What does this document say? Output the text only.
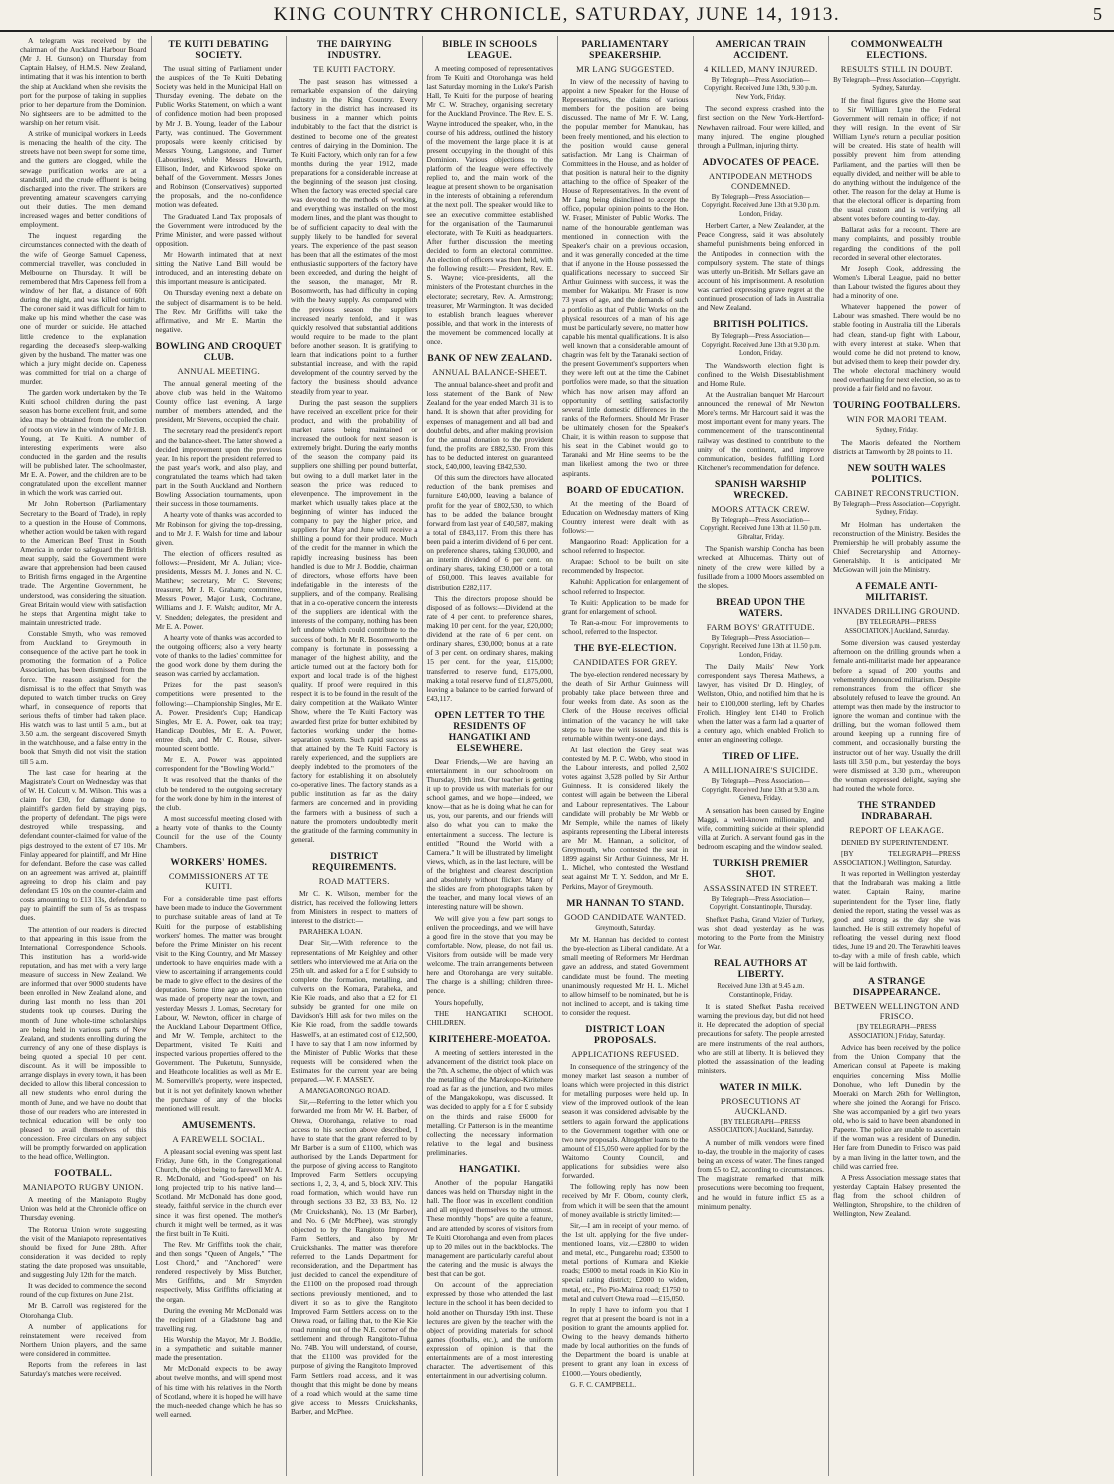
KING COUNTRY CHRONICLE, SATURDAY, JUNE 14, 1913.	5

A telegram was received by the chairman of the Auckland Harbour Board (Mr J. H. Gunson) on Thursday from Captain Halsey, of H.M.S. New Zealand, intimating that it was his intention to berth the ship at Auckland when she revisits the port for the purpose of taking in supplies prior to her departure from the Dominion. No sightseers are to be admitted to the warship on her return visit.

A strike of municipal workers in Leeds is menacing the health of the city. The streets have not been swept for some time, and the gutters are clogged, while the sewage purification works are at a standstill, and the crude effluent is being discharged into the river. The strikers are preventing amateur scavengers carrying out their duties. The men demand increased wages and better conditions of employment.

The inquest regarding the circumstances connected with the death of the wife of George Samuel Capeness, commercial traveller, was concluded in Melbourne on Thursday. It will be remembered that Mrs Capeness fell from a window of her flat, a distance of 60ft during the night, and was killed outright. The coroner said it was difficult for him to make up his mind whether the case was one of murder or suicide. He attached little credence to the explanation regarding the deceased's sleep-walking given by the husband. The matter was one which a jury might decide on. Capeness was committed for trial on a charge of murder.

The garden work undertaken by the Te Kuiti school children during the past season has borne excellent fruit, and some idea may be obtained from the collection of roots on view in the window of Mr J. B. Young, at Te Kuiti. A number of interesting experiments were also conducted in the garden and the results will be published later. The schoolmaster, Mr E. A. Power, and the children are to be congratulated upon the excellent manner in which the work was carried out.

Mr John Robertson (Parliamentary Secretary to the Board of Trade), in reply to a question in the House of Commons, whether action would be taken with regard to the American Beef Trust in South America in order to safeguard the British meat supply, said the Government were aware that apprehension had been caused to British firms engaged in the Argentine trade. The Argentine Government, he understood, was considering the situation. Great Britain would view with satisfaction he steps that Argentina might take to maintain unrestricted trade.

Constable Smyth, who was removed from Auckland to Greymouth in consequence of the active part he took in promoting the formation of a Police Association, has been dismissed from the force. The reason assigned for the dismissal is to the effect that Smyth was deputed to watch timber trucks on Grey wharf, in consequence of reports that serious thefts of timber had taken place. His watch was to last until 5 a.m., but at 3.50 a.m. the sergeant discovered Smyth in the watchhouse, and a false entry in the book that Smyth did not visit the station till 5 a.m.

The last case for hearing at the Magistrate's Court on Wednesday was that of W. H. Colcutt v. M. Wilson. This was a claim for £30, for damage done to plaintiff's garden field by straying pigs, the property of defendant. The pigs were destroyed while trespassing, and defendant counter-claimed for value of the pigs destroyed to the extent of £7 10s. Mr Finlay appeared for plaintiff, and Mr Hine for defendant. Before the case was called on an agreement was arrived at, plaintiff agreeing to drop his claim and pay defendant £5 10s on the counter-claim and costs amounting to £13 13s, defendant to pay to plaintiff the sum of 5s as trespass dues.

The attention of our readers is directed to that appearing in this issue from the International Correspondence Schools. This institution has a world-wide reputation, and has met with a very large measure of success in New Zealand. We are informed that over 9000 students have been enrolled in New Zealand alone, and during last month no less than 201 students took up courses. During the month of June whole-time scholarships are being held in various parts of New Zealand, and students enrolling during the currency of any one of these displays is being quoted a special 10 per cent. discount. As it will be impossible to arrange displays in every town, it has been decided to allow this liberal concession to all new students who enrol during the month of June, and we have no doubt that those of our readers who are interested in technical education will be only too pleased to avail themselves of this concession. Free circulars on any subject will be promptly forwarded on application to the head office, Wellington.

FOOTBALL.
MANIAPOTO RUGBY UNION.

A meeting of the Maniapoto Rugby Union was held at the Chronicle office on Thursday evening.

The Rotorua Union wrote suggesting the visit of the Maniapoto representatives should be fixed for June 28th. After consideration it was decided to reply stating the date proposed was unsuitable, and suggesting July 12th for the match.

It was decided to commence the second round of the cup fixtures on June 21st.

Mr B. Carroll was registered for the Otorohanga Club.

A number of applications for reinstatement were received from Northern Union players, and the same were considered in committee.

Reports from the referees in last Saturday's matches were received.

TE KUITI DEBATING SOCIETY.

The usual sitting of Parliament under the auspices of the Te Kuiti Debating Society was held in the Municipal Hall on Thursday evening. The debate on the Public Works Statement, on which a want of confidence motion had been proposed by Mr J. B. Young, leader of the Labour Party, was continued. The Government proposals were keenly criticised by Messrs Young, Langstone, and Turner (Labourites), while Messrs Howarth, Ellison, Inder, and Kirkwood spoke on behalf of the Government. Messrs Jones and Robinson (Conservatives) supported the proposals, and the no-confidence motion was defeated.

The Graduated Land Tax proposals of the Government were introduced by the Prime Minister, and were passed without opposition.

Mr Howarth intimated that at next sitting the Native Land Bill would be introduced, and an interesting debate on this important measure is anticipated.

On Thursday evening next a debate on the subject of disarmament is to be held. The Rev. Mr Griffiths will take the affirmative, and Mr E. Martin the negative.

BOWLING AND CROQUET CLUB.
ANNUAL MEETING.

The annual general meeting of the above club was held in the Waitomo County office last evening. A large number of members attended, and the president, Mr Stevens, occupied the chair.

The secretary read the president's report and the balance-sheet. The latter showed a decided improvement upon the previous year. In his report the president referred to the past year's work, and also play, and congratulated the teams which had taken part in the South Auckland and Northern Bowling Association tournaments, upon their success in those tournaments.

A hearty vote of thanks was accorded to Mr Robinson for giving the top-dressing, and to Mr J. F. Walsh for time and labour given.

The election of officers resulted as follows:—President, Mr A. Julian; vice-presidents, Messrs M. J. Jones and N. C. Matthew; secretary, Mr C. Stevens; treasurer, Mr J. R. Graham; committee, Messrs Power, Major Lusk, Cochrane, Williams and J. F. Walsh; auditor, Mr A. V. Snedden; delegates, the president and Mr E. A. Power.

A hearty vote of thanks was accorded to the outgoing officers; also a very hearty vote of thanks to the ladies' committee for the good work done by them during the season was carried by acclamation.

Prizes for the past season's competitions were presented to the following:—Championship Singles, Mr E. A. Power. President's Cup; Handicap Singles, Mr E. A. Power, oak tea tray; Handicap Doubles, Mr E. A. Power, entree dish, and Mr C. Rouse, silver-mounted scent bottle.

Mr E. A. Power was appointed correspondent for the "Bowling World."

It was resolved that the thanks of the club be tendered to the outgoing secretary for the work done by him in the interest of the club.

A most successful meeting closed with a hearty vote of thanks to the County Council for the use of the County Chambers.

WORKERS' HOMES.
COMMISSIONERS AT TE KUITI.

For a considerable time past efforts have been made to induce the Government to purchase suitable areas of land at Te Kuiti for the purpose of establishing workers' homes. The matter was brought before the Prime Minister on his recent visit to the King Country, and Mr Massey undertook to have enquiries made with a view to ascertaining if arrangements could be made to give effect to the desires of the deputation. Some time ago an inspection was made of property near the town, and yesterday Messrs J. Lomas, Secretary for Labour, W. Newton, officer in charge of the Auckland Labour Department Office, and Mr W. Temple, architect to the Department, visited Te Kuiti and inspected various properties offered to the Government. The Puketutu, Sunnyside, and Heathcote localities as well as Mr E. M. Somerville's property, were inspected, but it is not yet definitely known whether the purchase of any of the blocks mentioned will result.

AMUSEMENTS.
A FAREWELL SOCIAL.

A pleasant social evening was spent last Friday, June 6th, in the Congregational Church, the object being to farewell Mr A. R. McDonald, and "God-speed" on his long projected trip to his native land—Scotland. Mr McDonald has done good, steady, faithful service in the church ever since it was first opened. The mother's church it might well be termed, as it was the first built in Te Kuiti.

The Rev. Mr Griffiths took the chair, and then songs "Queen of Angels," "The Lost Chord," and "Anchored" were rendered respectively by Miss Butcher, Mrs Griffiths, and Mr Smyrden respectively, Miss Griffiths officiating at the organ.

During the evening Mr McDonald was the recipient of a Gladstone bag and travelling rug.

His Worship the Mayor, Mr J. Boddie, in a sympathetic and suitable manner made the presentation.

Mr McDonald expects to be away about twelve months, and will spend most of his time with his relatives in the North of Scotland, where it is hoped he will have the much-needed change which he has so well earned.

THE DAIRYING INDUSTRY.
TE KUITI FACTORY.

The past season has witnessed a remarkable expansion of the dairying industry in the King Country. Every factory in the district has increased its business in a manner which points indubitably to the fact that the district is destined to become one of the greatest centres of dairying in the Dominion. The Te Kuiti Factory, which only ran for a few months during the year 1912, made preparations for a considerable increase at the beginning of the season just closing. When the factory was erected special care was devoted to the methods of working, and everything was installed on the most modern lines, and the plant was thought to be of sufficient capacity to deal with the supply likely to be handled for several years. The experience of the past season has been that all the estimates of the most enthusiastic supporters of the factory have been exceeded, and during the height of the season, the manager, Mr R. Bosomworth, has had difficulty in coping with the heavy supply. As compared with the previous season the suppliers increased nearly tenfold, and it was quickly resolved that substantial additions would require to be made to the plant before another season. It is gratifying to learn that indications point to a further substantial increase, and with the rapid development of the country served by the factory the business should advance steadily from year to year.

During the past season the suppliers have received an excellent price for their product, and with the probability of market rates being maintained or increased the outlook for next season is extremely bright. During the early months of the season the company paid its suppliers one shilling per pound butterfat, but owing to a dull market later in the season the price was reduced to elevenpence. The improvement in the market which usually takes place at the beginning of winter has induced the company to pay the higher price, and suppliers for May and June will receive a shilling a pound for their produce. Much of the credit for the manner in which the rapidly increasing business has been handled is due to Mr J. Boddie, chairman of directors, whose efforts have been indefatigable in the interests of the suppliers, and of the company. Realising that in a co-operative concern the interests of the suppliers are identical with the interests of the company, nothing has been left undone which could contribute to the success of both. In Mr R. Bosomworth the company is fortunate in possessing a manager of the highest ability, and the article turned out at the factory both for export and local trade is of the highest quality. If proof were required in this respect it is to be found in the result of the dairy competition at the Waikato Winter Show, where the Te Kuiti Factory was awarded first prize for butter exhibited by factories working under the home-separation system. Such rapid success as that attained by the Te Kuiti Factory is rarely experienced, and the suppliers are deeply indebted to the promoters of the factory for establishing it on absolutely co-operative lines. The factory stands as a public institution as far as the dairy farmers are concerned and in providing the farmers with a business of such a nature the promoters undoubtedly merit the gratitude of the farming community in general.

DISTRICT REQUIREMENTS.
ROAD MATTERS.

Mr C. K. Wilson, member for the district, has received the following letters from Ministers in respect to matters of interest to the district:—

PARAHEKA LOAN.

Dear Sir,—With reference to the representations of Mr Keighley and other settlers who interviewed me at Aria on the 25th ult. and asked for a £ for £ subsidy to complete the formation, metalling, and culverts on the Komara, Paraheka, and Kie Kie roads, and also that a £2 for £1 subsidy be granted for one mile on Davidson's Hill ask for two miles on the Kie Kie road, from the saddle towards Haswell's, at an estimated cost of £12,500, I have to say that I am now informed by the Minister of Public Works that these requests will be considered when the Estimates for the current year are being prepared.—W. F. MASSEY.

A MANGAORONGO ROAD.

Sir,—Referring to the letter which you forwarded me from Mr W. H. Barber, of Otewa, Otorohanga, relative to road access to his section above described, I have to state that the grant referred to by Mr Barber is a sum of £1100, which was authorised by the Lands Department for the purpose of giving access to Rangitoto Improved Farm Settlers occupying sections 1, 2, 3, 4, and 5, block XIV. This road formation, which would have run through sections 33 B2, 33 B3, No. 12 (Mr Cruickshank), No. 13 (Mr Barber), and No. 6 (Mr McPhee), was strongly objected to by the Rangitoto Improved Farm Settlers, and also by Mr Cruickshanks. The matter was therefore referred to the Lands Department for reconsideration, and the Department has just decided to cancel the expenditure of the £1100 on the proposed road through sections previously mentioned, and to divert it so as to give the Rangitoto Improved Farm Settlers access on to the Otewa road, or failing that, to the Kie Kie road running out of the N.E. corner of the settlement and through Rangitoto-Tuhua No. 74B. You will understand, of course, that the £1100 was provided for the purpose of giving the Rangitoto Improved Farm Settlers road access, and it was thought that this might be done by means of a road which would at the same time give access to Messrs Cruickshanks, Barber, and McPhee.

BIBLE IN SCHOOLS LEAGUE.

A meeting composed of representatives from Te Kuiti and Otorohanga was held last Saturday morning in the Luke's Parish Hall, Te Kuiti for the purpose of hearing Mr C. W. Strachey, organising secretary for the Auckland Province. The Rev. E. S. Wayne introduced the speaker, who, in the course of his address, outlined the history of the movement the large place it is at present occupying in the thought of this Dominion. Various objections to the platform of the league were effectively replied to, and the main work of the league at present shown to be organisation in the interests of obtaining a referendum at the next poll. The speaker would like to see an executive committee established for the organisation of the Taumarunui electorate, with Te Kuiti as headquarters. After further discussion the meeting decided to form an electoral committee. An election of officers was then held, with the following result:— President, Rev. E. S. Wayne; vice-presidents, all the ministers of the Protestant churches in the electorate; secretary, Rev. A. Armstrong; treasurer, Mr Warmington. It was decided to establish branch leagues wherever possible, and that work in the interests of the movement be commenced locally at once.

BANK OF NEW ZEALAND.
ANNUAL BALANCE-SHEET.

The annual balance-sheet and profit and loss statement of the Bank of New Zealand for the year ended March 31 is to hand. It is shown that after providing for expenses of management and all bad and doubtful debts, and after making provision for the annual donation to the provident fund, the profits are £882,530. From this has to be deducted interest on guaranteed stock, £40,000, leaving £842,530.

Of this sum the directors have allocated reduction of the bank premises and furniture £40,000, leaving a balance of profit for the year of £802,530, to which has to be added the balance brought forward from last year of £40,587, making a total of £843,117. From this there has been paid a interim dividend of 6 per cent. on preference shares, taking £30,000, and an interim dividend of 6 per cent. on ordinary shares, taking £30,000 or a total of £60,000. This leaves available for distribution £282,117.

This the directors propose should be disposed of as follows:—Dividend at the rate of 4 per cent. to preference shares, making 10 per cent. for the year, £20,000; dividend at the rate of 6 per cent. on ordinary shares, £30,000; bonus at a rate of 3 per cent. on ordinary shares, making 15 per cent. for the year, £15,000; transferred to reserve fund, £175,000, making a total reserve fund of £1,875,000, leaving a balance to be carried forward of £43,117.

OPEN LETTER TO THE RESIDENTS OF HANGATIKI AND ELSEWHERE.

Dear Friends,—We are having an entertainment in our schoolroom on Thursday, 19th inst. Our teacher is getting it up to provide us with materials for our school games, and we hope—indeed, we know—that as he is doing what he can for us, you, our parents, and our friends will also do what you can to make the entertainment a success. The lecture is entitled "Round the World with a Camera." It will be illustrated by limelight views, which, as in the last lecture, will be of the brightest and clearest description and absolutely without flicker. Many of the slides are from photographs taken by the teacher, and many local views of an interesting nature will be shown.

We will give you a few part songs to enliven the proceedings, and we will have a good fire in the stove that you may be comfortable. Now, please, do not fail us. Visitors from outside will be made very welcome. The train arrangements between here and Otorohanga are very suitable. The charge is a shilling; children three-pence.

Yours hopefully,

THE HANGATIKI SCHOOL CHILDREN.

KIRITEHERE-MOEATOA.

A meeting of settlers interested in the advancement of the district took place on the 7th. A scheme, the object of which was the metalling of the Marokopo-Kiritehere road as far as the junction, and two miles of the Mangakokopu, was discussed. It was decided to apply for a £ for £ subsidy on the thirds and raise £6000 for metalling. Cr Patterson is in the meantime collecting the necessary information relative to the legal and business preliminaries.

HANGATIKI.

Another of the popular Hangatiki dances was held on Thursday night in the hall. The floor was in excellent condition and all enjoyed themselves to the utmost. These monthly "hops" are quite a feature, and are attended by scores of visitors from Te Kuiti Otorohanga and even from places up to 20 miles out in the backblocks. The management are particularly careful about the catering and the music is always the best that can be got.

On account of the appreciation expressed by those who attended the last lecture in the school it has been decided to hold another on Thursday 19th inst. These lectures are given by the teacher with the object of providing materials for school games (footballs, etc.), and the uniform expression of opinion is that the entertainments are of a most interesting character. The advertisement of this entertainment in our advertising column.

PARLIAMENTARY SPEAKERSHIP.
MR LANG SUGGESTED.

In view of the necessity of having to appoint a new Speaker for the House of Representatives, the claims of various members for the position are being discussed. The name of Mr F. W. Lang, the popular member for Manukau, has been freely mentioned, and his election to the position would cause general satisfaction. Mr Lang is Chairman of Committees in the House, and as holder of that position is natural heir to the dignity attaching to the office of Speaker of the House of Representatives. In the event of Mr Lang being disinclined to accept the office, popular opinion points to the Hon. W. Fraser, Minister of Public Works. The name of the honourable gentleman was mentioned in connection with the Speaker's chair on a previous occasion, and it was generally conceded at the time that if anyone in the House possessed the qualifications necessary to succeed Sir Arthur Guinness with success, it was the member for Wakatipu. Mr Fraser is now 73 years of age, and the demands of such a portfolio as that of Public Works on the physical resources of a man of his age must be particularly severe, no matter how capable his mental qualifications. It is also well known that a considerable amount of chagrin was felt by the Taranaki section of the present Government's supporters when they were left out at the time the Cabinet portfolios were made, so that the situation which has now arisen may afford an opportunity of settling satisfactorily several little domestic differences in the ranks of the Reformers. Should Mr Fraser be ultimately chosen for the Speaker's Chair, it is within reason to suppose that his seat in the Cabinet would go to Taranaki and Mr Hine seems to be the man likeliest among the two or three aspirants.

BOARD OF EDUCATION.

At the meeting of the Board of Education on Wednesday matters of King Country interest were dealt with as follows:—

Mangaorino Road: Application for a school referred to Inspector.

Arapae: School to be built on site recommended by Inspector.

Kahuhi: Application for enlargement of school referred to Inspector.

Te Kuiti: Application to be made for grant for enlargement of school.

Te Ran-a-mou: For improvements to school, referred to the Inspector.

THE BYE-ELECTION.
CANDIDATES FOR GREY.

The bye-election rendered necessary by the death of Sir Arthur Guinness will probably take place between three and four weeks from date. As soon as the Clerk of the House receives official intimation of the vacancy he will take steps to have the writ issued, and this is returnable within twenty-one days.

At last election the Grey seat was contested by M. P. C. Webb, who stood in the Labour interests, and polled 2,502 votes against 3,528 polled by Sir Arthur Guinness. It is considered likely the contest will again be between the Liberal and Labour representatives. The Labour candidate will probably be Mr Webb or Mr Semple, while the names of likely aspirants representing the Liberal interests are Mr M. Hannan, a solicitor, of Greymouth, who contested the seat in 1899 against Sir Arthur Guinness, Mr H. L. Michel, who contested the Westland seat against Mr T. Y. Seddon, and Mr E. Perkins, Mayor of Greymouth.

MR HANNAN TO STAND.
GOOD CANDIDATE WANTED.
Greymouth, Saturday.

Mr M. Hannan has decided to contest the bye-election as Liberal candidate. At a small meeting of Reformers Mr Herdman gave an address, and stated Government candidate must be found. The meeting unanimously requested Mr H. L. Michel to allow himself to be nominated, but he is not inclined to accept, and is taking time to consider the request.

DISTRICT LOAN PROPOSALS.
APPLICATIONS REFUSED.

In consequence of the stringency of the money market last season a number of loans which were projected in this district for metalling purposes were held up. In view of the improved outlook of the lean season it was considered advisable by the settlers to again forward the applications to the Government together with one or two new proposals. Altogether loans to the amount of £15,050 were applied for by the Waitomo County Council, and applications for subsidies were also forwarded.

The following reply has now been received by Mr F. Oborn, county clerk, from which it will be seen that the amount of money available is strictly limited:—

Sir,—I am in receipt of your memo. of the 1st ult. applying for the five under-mentioned loans, viz.—£2800 to widen and metal, etc., Pungarehu road; £3500 to metal portions of Kumara and Kiekie roads; £5000 to metal roads in Kio Kio in special rating district; £2000 to widen, metal, etc., Pio Pio-Mairoa road; £1750 to metal and culvert Otewa road —£15,050.

In reply I have to inform you that I regret that at present the board is not in a position to grant the amounts applied for. Owing to the heavy demands hitherto made by local authorities on the funds of the Department the board is unable at present to grant any loan in excess of £1000.—Yours obediently,

G. F. C. CAMPBELL.

AMERICAN TRAIN ACCIDENT.
4 KILLED, MANY INJURED.
By Telegraph—Press Association—Copyright. Received June 13th, 9.30 p.m. New York, Friday.

The second express crashed into the first section on the New York-Hertford-Newhaven railroad. Four were killed, and many injured. The engine ploughed through a Pullman, injuring thirty.

ADVOCATES OF PEACE.
ANTIPODEAN METHODS CONDEMNED.
By Telegraph—Press Association—Copyright. Received June 13th at 9.30 p.m. London, Friday.

Herbert Carter, a New Zealander, at the Peace Congress, said it was absolutely shameful punishments being enforced in the Antipodes in connection with the compulsory system. The state of things was utterly un-British. Mr Sellars gave an account of his imprisonment. A resolution was carried expressing grave regret at the continued prosecution of lads in Australia and New Zealand.

BRITISH POLITICS.
By Telegraph—Press Association—Copyright. Received June 13th at 9.30 p.m. London, Friday.

The Wandsworth election fight is confined to the Welsh Disestablishment and Home Rule.

At the Australian banquet Mr Harcourt announced the renewal of Mr Newton More's terms. Mr Harcourt said it was the most important event for many years. The commencement of the transcontinental railway was destined to contribute to the unity of the continent, and improve communication, besides fulfilling Lord Kitchener's recommendation for defence.

SPANISH WARSHIP WRECKED.
MOORS ATTACK CREW.
By Telegraph—Press Association—Copyright. Received June 13th at 11.50 p.m. Gibraltar, Friday.

The Spanish warship Concha has been wrecked at Alhucemas. Thirty out of ninety of the crew were killed by a fusillade from a 1000 Moors assembled on the slopes.

BREAD UPON THE WATERS.
FARM BOYS' GRATITUDE.
By Telegraph—Press Association—Copyright. Received June 13th at 11.50 p.m. London, Friday.

The Daily Mails' New York correspondent says Theresa Mathews, a lawyer, has visited Dr D. Hingley, of Wellston, Ohio, and notified him that he is heir to £100,000 sterling, left by Charles Frolich. Hingley lent £140 to Frolich when the latter was a farm lad a quarter of a century ago, which enabled Frolich to enter an engineering college.

TIRED OF LIFE.
A MILLIONAIRE'S SUICIDE.
By Telegraph—Press Association—Copyright. Received June 13th at 9.30 a.m. Geneva, Friday.

A sensation has been caused by Engine Maggi, a well-known millionaire, and wife, committing suicide at their splendid villa at Zurich. A servant found gas in the bedroom escaping and the window sealed.

TURKISH PREMIER SHOT.
ASSASSINATED IN STREET.
By Telegraph—Press Association—Copyright. Constantinople, Thursday.

Shefket Pasha, Grand Vizier of Turkey, was shot dead yesterday as he was motoring to the Porte from the Ministry for War.

REAL AUTHORS AT LIBERTY.
Received June 13th at 9.45 a.m. Constantinople, Friday.

It is stated Shefket Pasha received warning the previous day, but did not heed it. He deprecated the adoption of special precautions for safety. The people arrested are mere instruments of the real authors, who are still at liberty. It is believed they plotted the assassination of the leading ministers.

WATER IN MILK.
PROSECUTIONS AT AUCKLAND.
[BY TELEGRAPH—PRESS ASSOCIATION.] Auckland, Saturday.

A number of milk vendors were fined to-day, the trouble in the majority of cases being an excess of water. The fines ranged from £5 to £2, according to circumstances. The magistrate remarked that milk prosecutions were becoming too frequent, and he would in future inflict £5 as a minimum penalty.

COMMONWEALTH ELECTIONS.
RESULTS STILL IN DOUBT.
By Telegraph—Press Association—Copyright. Sydney, Saturday.

If the final figures give the Home seat to Sir William Lyne the Federal Government will remain in office; if not they will resign. In the event of Sir William Lyne's return a peculiar position will be created. His state of health will possibly prevent him from attending Parliament, and the parties will then be equally divided, and neither will be able to do anything without the indulgence of the other. The reason for the delay at Hume is that the electoral officer is departing from the usual custom and is verifying all absent votes before counting to-day.

Ballarat asks for a recount. There are many complaints, and possibly trouble regarding the conditions of the poll recorded in several other electorates.

Mr Joseph Cook, addressing the Women's Liberal League, paid no better than Labour twisted the figures about they had a minority of one.

Whatever happened the power of Labour was smashed. There would be no stable footing in Australia till the Liberals had clean, stand-up fight with Labour, with every interest at stake. When that would come he did not pretend to know, but advised them to keep their powder dry. The whole electoral machinery would need overhauling for next election, so as to provide a fair field and no favour.

TOURING FOOTBALLERS.
WIN FOR MAORI TEAM.
Sydney, Friday.

The Maoris defeated the Northern districts at Tamworth by 28 points to 11.

NEW SOUTH WALES POLITICS.
CABINET RECONSTRUCTION.
By Telegraph—Press Association—Copyright. Sydney, Friday.

Mr Holman has undertaken the reconstruction of the Ministry. Besides the Premiership he will probably assume the Chief Secretaryship and Attorney-Generalship. It is anticipated Mr McGowan will join the Ministry.

A FEMALE ANTI-MILITARIST.
INVADES DRILLING GROUND.
[BY TELEGRAPH—PRESS ASSOCIATION.] Auckland, Saturday.

Some diversion was caused yesterday afternoon on the drilling grounds when a female anti-militarist made her appearance before a squad of 200 youths and vehemently denounced militarism. Despite remonstrances from the officer she absolutely refused to leave the ground. An attempt was then made by the instructor to ignore the woman and continue with the drilling, but the woman followed them around keeping up a running fire of comment, and occasionally bursting the instructor out of her way. Usually the drill lasts till 3.50 p.m., but yesterday the boys were dismissed at 3.30 p.m., whereupon the woman expressed delight, saying she had routed the whole force.

THE STRANDED INDRABARAH.
REPORT OF LEAKAGE.

DENIED BY SUPERINTENDENT.

[BY TELEGRAPH—PRESS ASSOCIATION.] Wellington, Saturday.

It was reported in Wellington yesterday that the Indrabarah was making a little water. Captain Rainy, marine superintendent for the Tyser line, flatly denied the report, stating the vessel was as good and strong as the day she was launched. He is still extremely hopeful of refloating the vessel during next flood tides, June 19 and 20. The Terawhiti leaves to-day with a mile of fresh cable, which will be laid forthwith.

A STRANGE DISAPPEARANCE.
BETWEEN WELLINGTON AND FRISCO.
[BY TELEGRAPH—PRESS ASSOCIATION.] Friday, Saturday.

Advice has been received by the police from the Union Company that the American consul at Papeete is making enquiries concerning Miss Mollie Donohue, who left Dunedin by the Moeraki on March 26th for Wellington, where she joined the Aorangi for Frisco. She was accompanied by a girl two years old, who is said to have been abandoned in Papeete. The police are unable to ascertain if the woman was a resident of Dunedin. Her fare from Dunedin to Frisco was paid by a man living in the latter town, and the child was carried free.

A Press Association message states that yesterday Captain Halsey presented the flag from the school children of Wellington, Shropshire, to the children of Wellington, New Zealand.
